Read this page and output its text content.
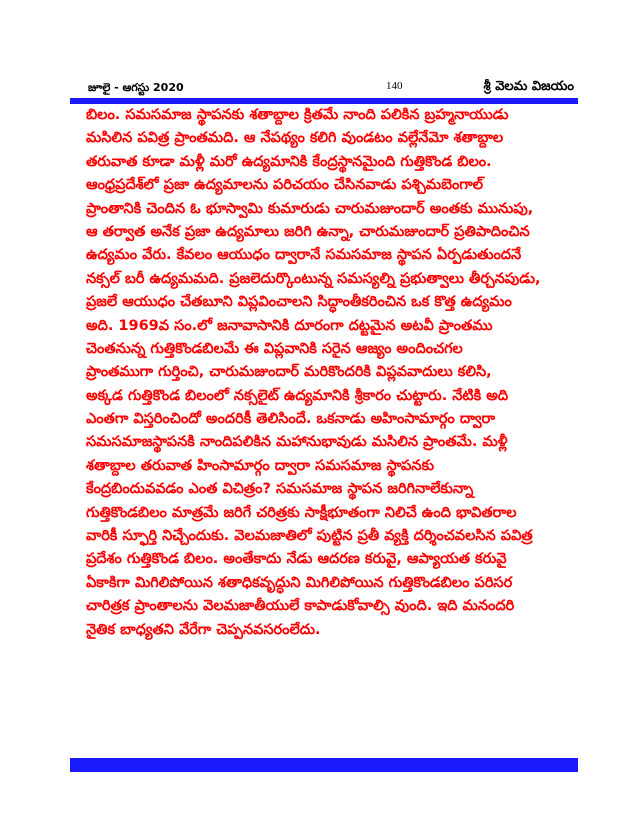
జూలై - ఆగస్టు 2020	140	శ్రీ వెలమ విజయం
బిలం. సమసమాజ స్థాపనకు శతాబ్దాల క్రితమే నాంది పలికిన బ్రహ్మనాయుడు
మసిలిన పవిత్ర ప్రాంతమది. ఆ నేపథ్యం కలిగి వుండటం వల్లేనేమో శతాబ్దాల
తరువాత కూడా మళ్లీ మరో ఉద్యమానికి కేంద్రస్థానమైంది గుత్తికొండ బిలం.
ఆంధ్రప్రదేశ్‌లో ప్రజా ఉద్యమాలను పరిచయం చేసినవాడు పశ్చిమబెంగాల్
ప్రాంతానికి చెందిన ఓ భూస్వామి కుమారుడు చారుమజుందార్ అంతకు మునుపు,
ఆ తర్వాత అనేక ప్రజా ఉద్యమాలు జరిగి ఉన్నా, చారుమజుందార్ ప్రతిపాదించిన
ఉద్యమం వేరు. కేవలం ఆయుధం ద్వారానే సమసమాజ స్థాపన ఏర్పడుతుందనే
నక్సల్ బరీ ఉద్యమమది. ప్రజలెదుర్కొంటున్న సమస్యల్ని ప్రభుత్వాలు తీర్చనపుడు,
ప్రజలే ఆయుధం చేతబూని విప్లవించాలని సిద్ధాంతీకరించిన ఒక కొత్త ఉద్యమం
అది. 1969వ సం.లో జనావాసానికి దూరంగా దట్టమైన అటవీ ప్రాంతము
చెంతనున్న గుత్తికొండబిలమే ఈ విప్లవానికి సరైన ఆజ్యం అందించగల
ప్రాంతముగా గుర్తించి, చారుమజుందార్ మరికొందరికి విప్లవవాదులు కలిసి,
అక్కడ గుత్తికొండ బిలంలో నక్సలైట్ ఉద్యమానికి శ్రీకారం చుట్టారు. నేటికి అది
ఎంతగా విస్తరించిందో అందరికీ తెలిసిందే. ఒకనాడు అహింసామార్గం ద్వారా
సమసమాజస్థాపనకి నాందిపలికిన మహానుభావుడు మసిలిన ప్రాంతమే. మళ్లీ
శతాబ్దాల తరువాత హింసామార్గం ద్వారా సమసమాజ స్థాపనకు
కేంద్రబిందువవడం ఎంత విచిత్రం? సమసమాజ స్థాపన జరిగినాలేకున్నా
గుత్తికొండబిలం మాత్రమే జరిగే చరిత్రకు సాక్షీభూతంగా నిలిచే ఉంది భావితరాల
వారికీ స్ఫూర్తి నిచ్చేందుకు. వెలమజాతిలో పుట్టిన ప్రతీ వ్యక్తి దర్శించవలసిన పవిత్ర
ప్రదేశం గుత్తికొండ బిలం. అంతేకాదు నేడు ఆదరణ కరువై, ఆప్యాయత కరువై
ఏకాకిగా మిగిలిపోయిన శతాధికవృద్ధుని మిగిలిపోయిన గుత్తికొండబిలం పరిసర
చారిత్రక ప్రాంతాలను వెలమజాతీయులే కాపాడుకోవాల్సి వుంది. ఇది మనందరి
నైతిక బాధ్యతని వేరేగా చెప్పనవసరంలేదు.
